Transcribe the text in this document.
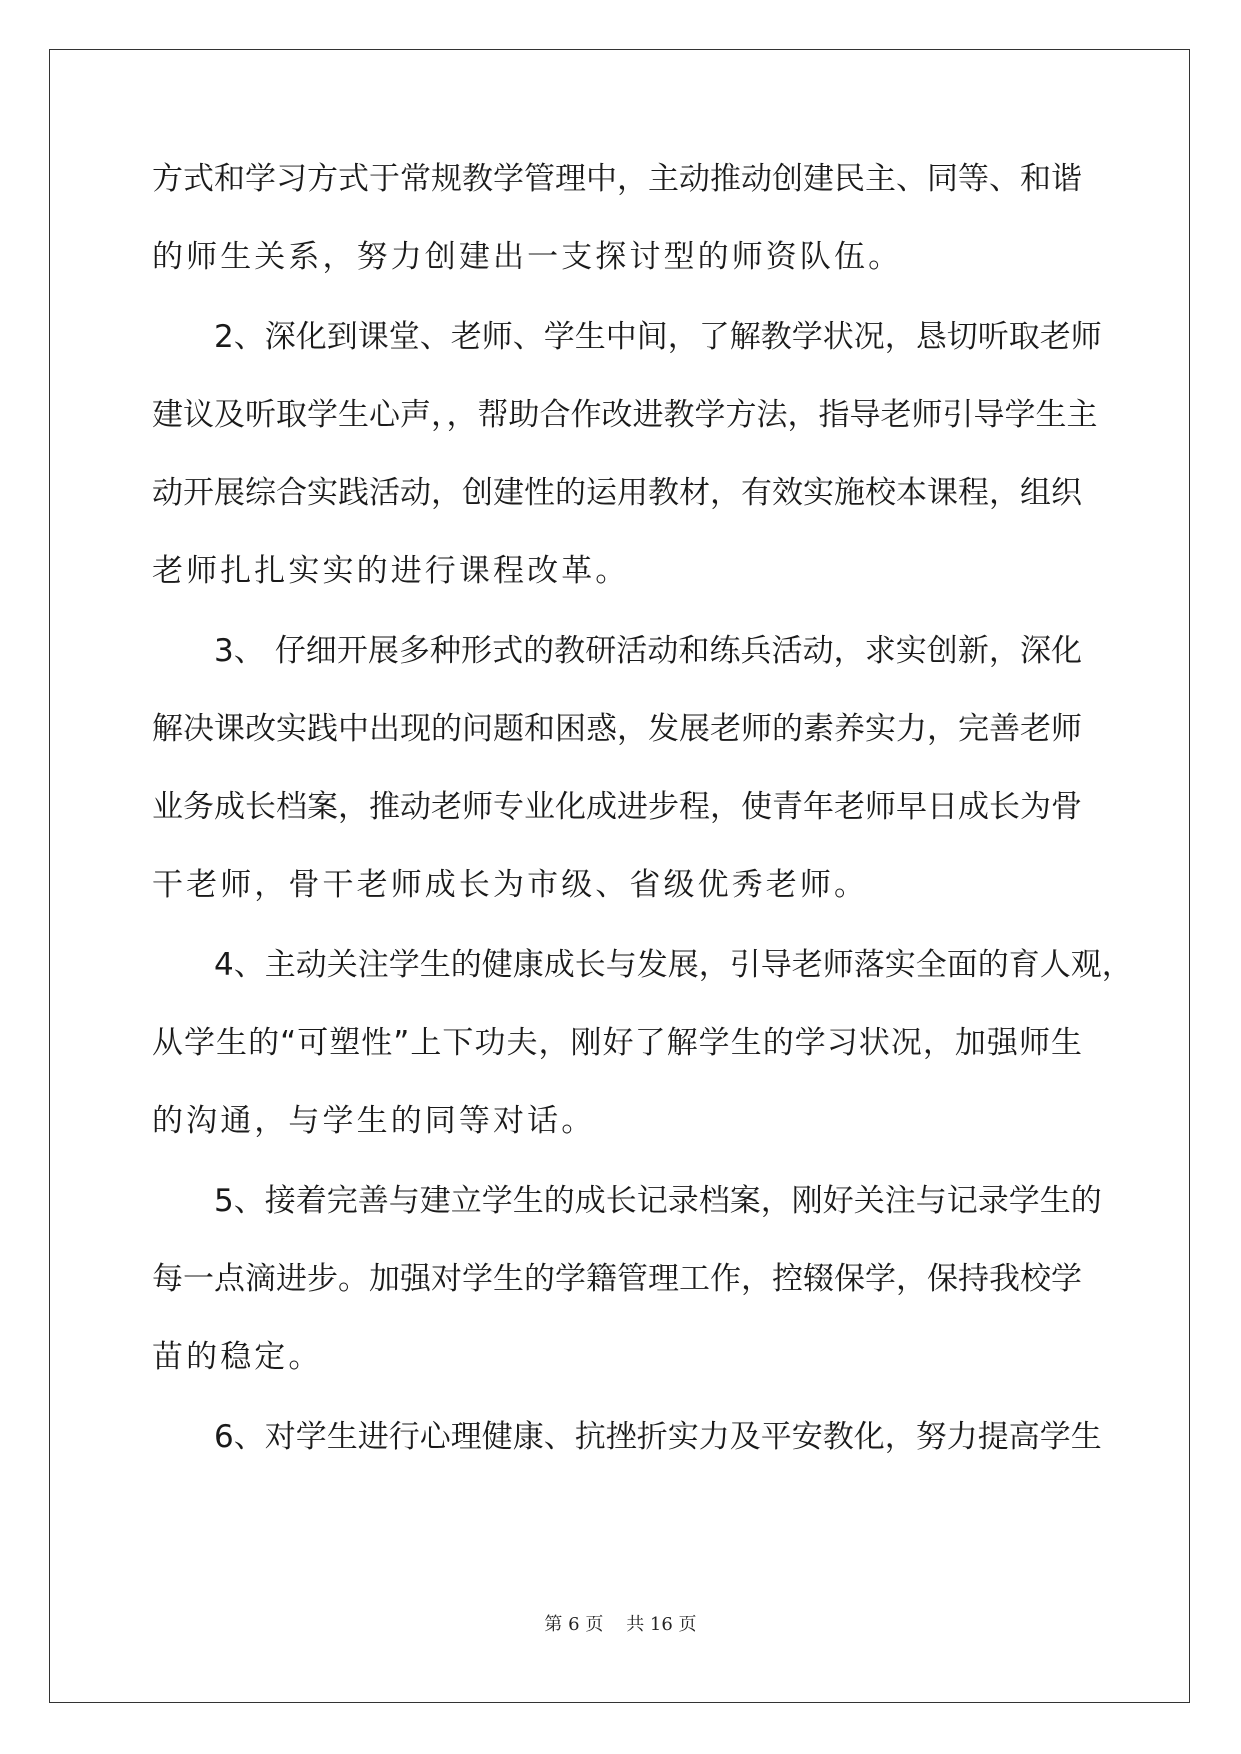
方式和学习方式于常规教学管理中，主动推动创建民主、同等、和谐
的师生关系，努力创建出一支探讨型的师资队伍。
2、深化到课堂、老师、学生中间，了解教学状况，恳切听取老师
建议及听取学生心声，，帮助合作改进教学方法，指导老师引导学生主
动开展综合实践活动，创建性的运用教材，有效实施校本课程，组织
老师扎扎实实的进行课程改革。
3、 仔细开展多种形式的教研活动和练兵活动，求实创新，深化
解决课改实践中出现的问题和困惑，发展老师的素养实力，完善老师
业务成长档案，推动老师专业化成进步程，使青年老师早日成长为骨
干老师，骨干老师成长为市级、省级优秀老师。
4、主动关注学生的健康成长与发展，引导老师落实全面的育人观，
从学生的“可塑性”上下功夫，刚好了解学生的学习状况，加强师生
的沟通，与学生的同等对话。
5、接着完善与建立学生的成长记录档案，刚好关注与记录学生的
每一点滴进步。加强对学生的学籍管理工作，控辍保学，保持我校学
苗的稳定。
6、对学生进行心理健康、抗挫折实力及平安教化，努力提高学生
第 6 页    共 16 页
